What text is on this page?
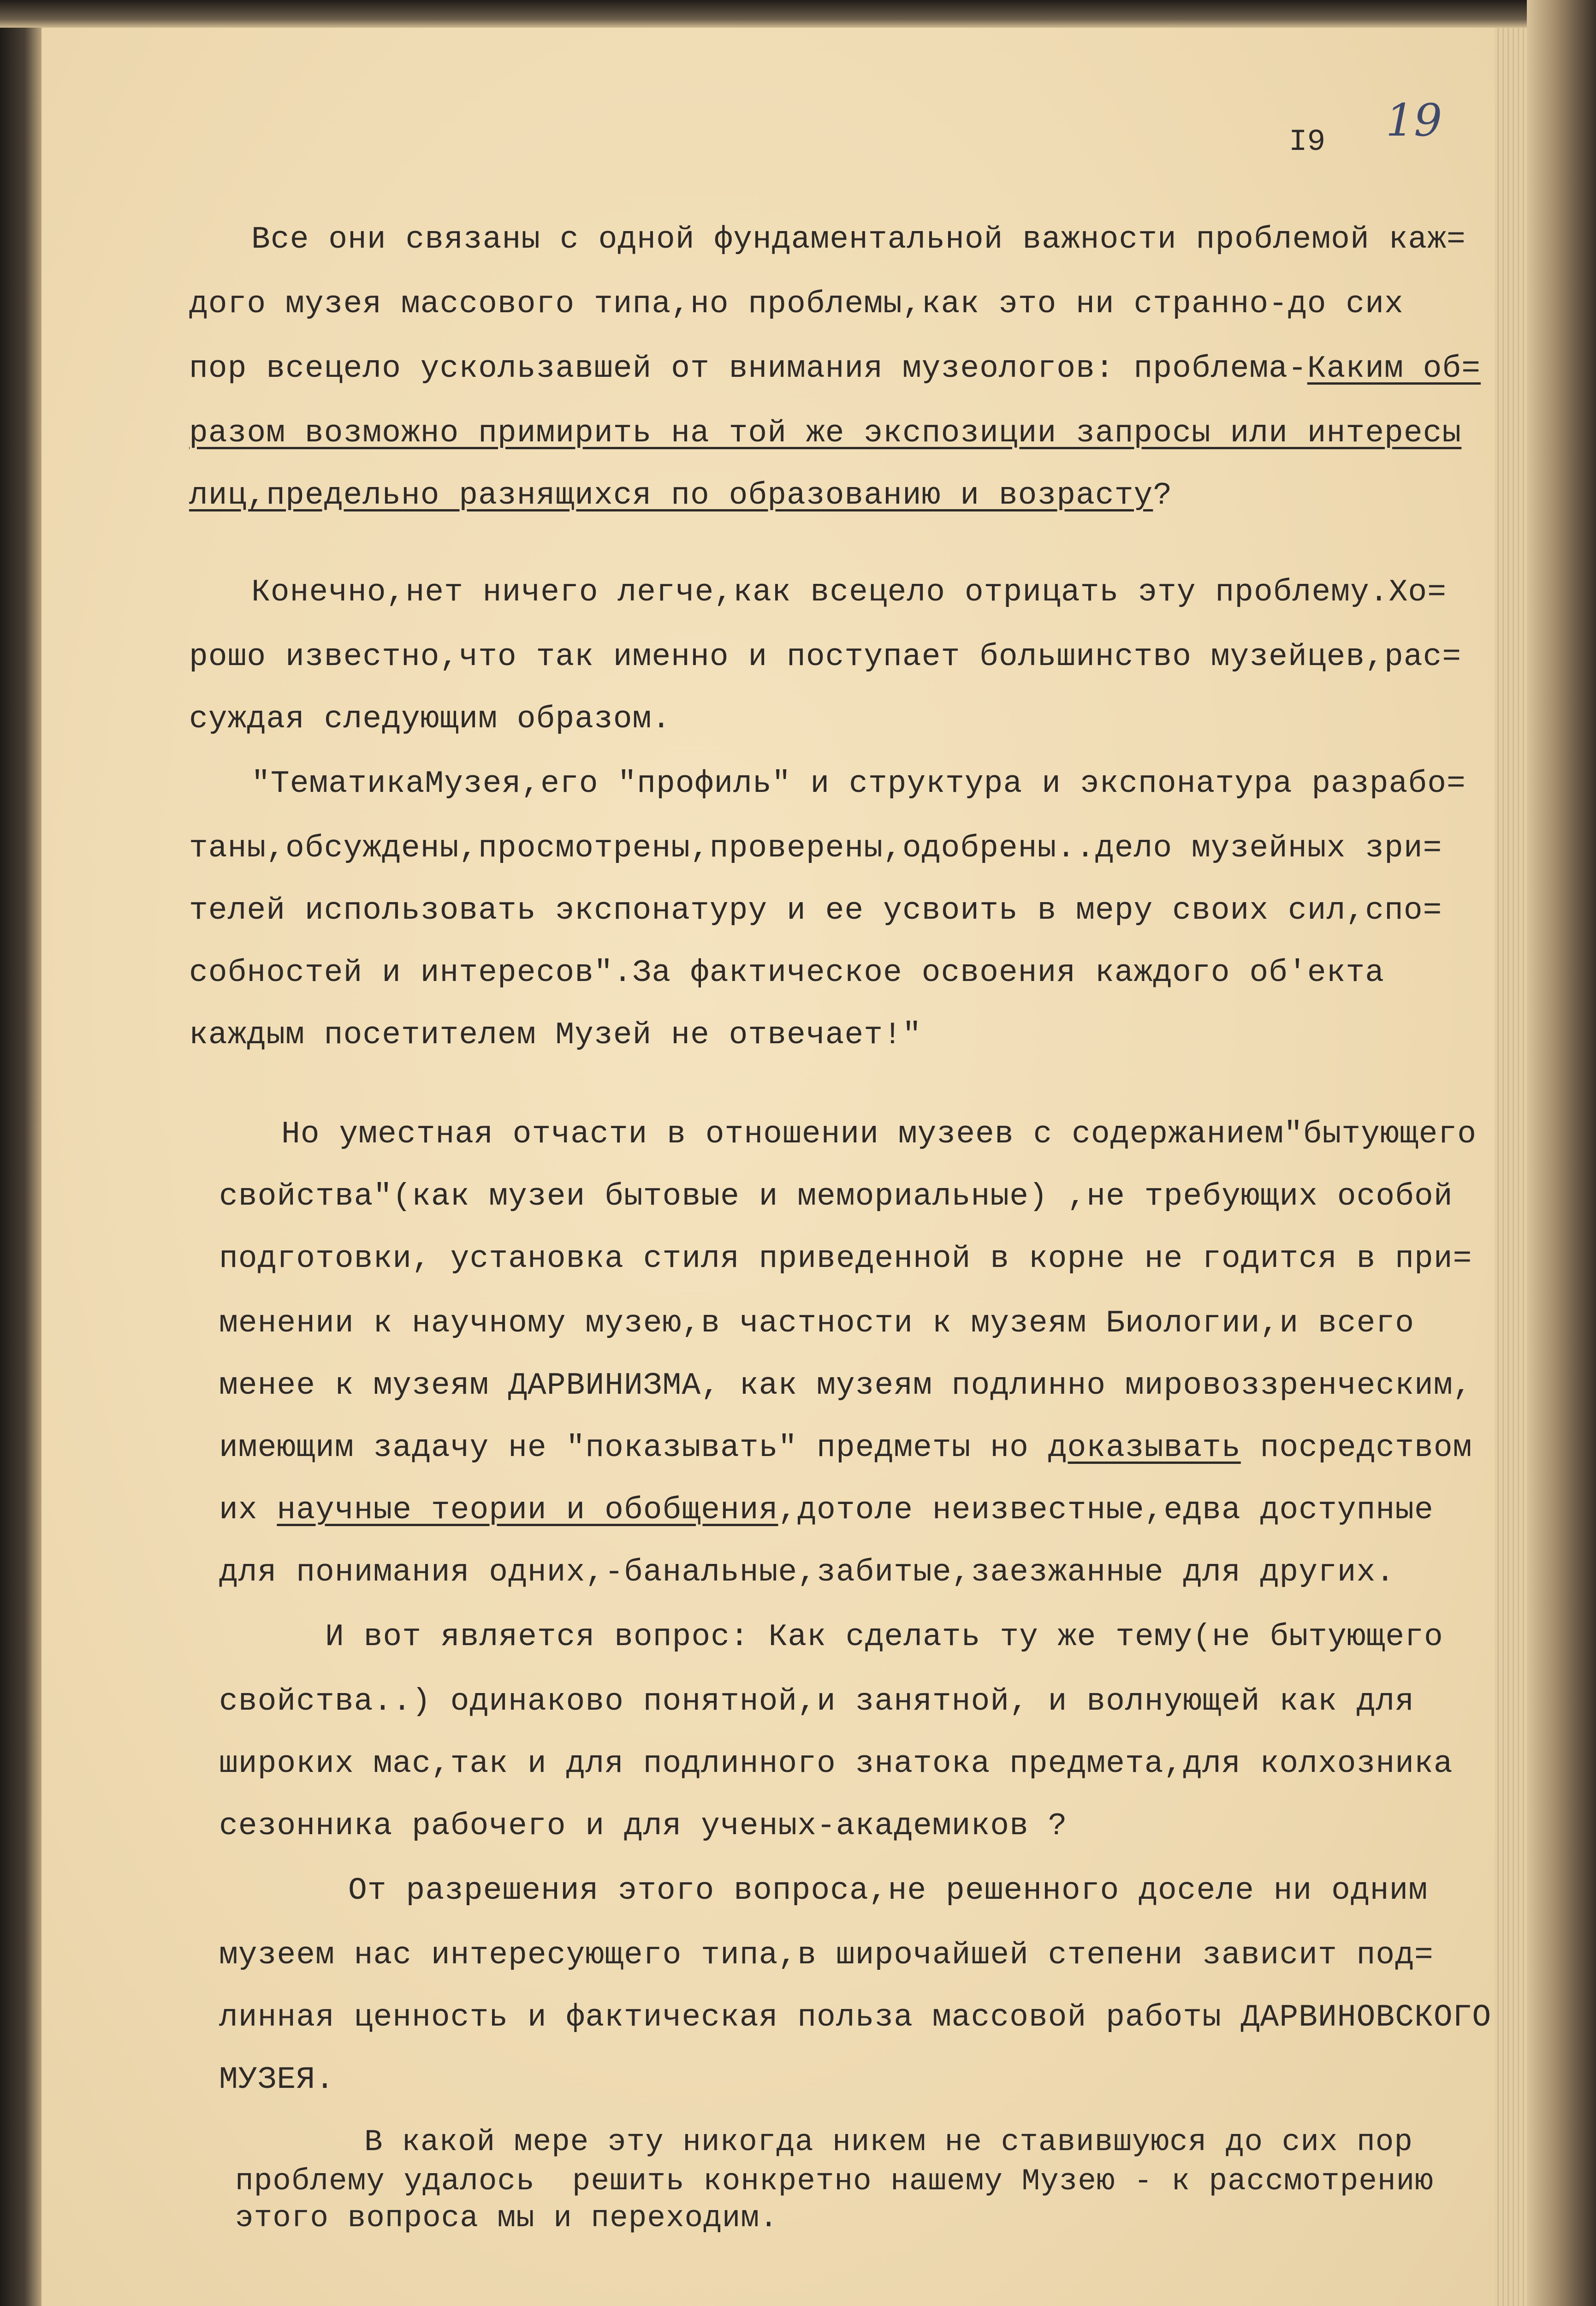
I9 19
Все они связаны с одной фундаментальной важности проблемой каж=
дого музея массового типа,но проблемы,как это ни странно-до сих
пор всецело ускользавшей от внимания музеологов: проблема-Каким об=
разом возможно примирить на той же экспозиции запросы или интересы
лиц,предельно разнящихся по образованию и возрасту?
Конечно,нет ничего легче,как всецело отрицать эту проблему.Хо=
рошо известно,что так именно и поступает большинство музейцев,рас=
суждая следующим образом.
"ТематикаМузея,его "профиль" и структура и экспонатура разрабо=
таны,обсуждены,просмотрены,проверены,одобрены..дело музейных зри=
телей использовать экспонатуру и ее усвоить в меру своих сил,спо=
собностей и интересов".За фактическое освоения каждого об'екта
каждым посетителем Музей не отвечает!"
Но уместная отчасти в отношении музеев с содержанием"бытующего
свойства"(как музеи бытовые и мемориальные) ,не требующих особой
подготовки, установка стиля приведенной в корне не годится в при=
менении к научному музею,в частности к музеям Биологии,и всего
менее к музеям ДАРВИНИЗМА, как музеям подлинно мировоззренческим,
имеющим задачу не "показывать" предметы но доказывать посредством
их научные теории и обобщения,дотоле неизвестные,едва доступные
для понимания одних,-банальные,забитые,заезжанные для других.
И вот является вопрос: Как сделать ту же тему(не бытующего
свойства..) одинаково понятной,и занятной, и волнующей как для
широких мас,так и для подлинного знатока предмета,для колхозника
сезонника рабочего и для ученых-академиков ?
От разрешения этого вопроса,не решенного доселе ни одним
музеем нас интересующего типа,в широчайшей степени зависит под=
линная ценность и фактическая польза массовой работы ДАРВИНОВСКОГО
МУЗЕЯ.
В какой мере эту никогда никем не ставившуюся до сих пор
проблему удалось  решить конкретно нашему Музею - к рассмотрению
этого вопроса мы и переходим.
